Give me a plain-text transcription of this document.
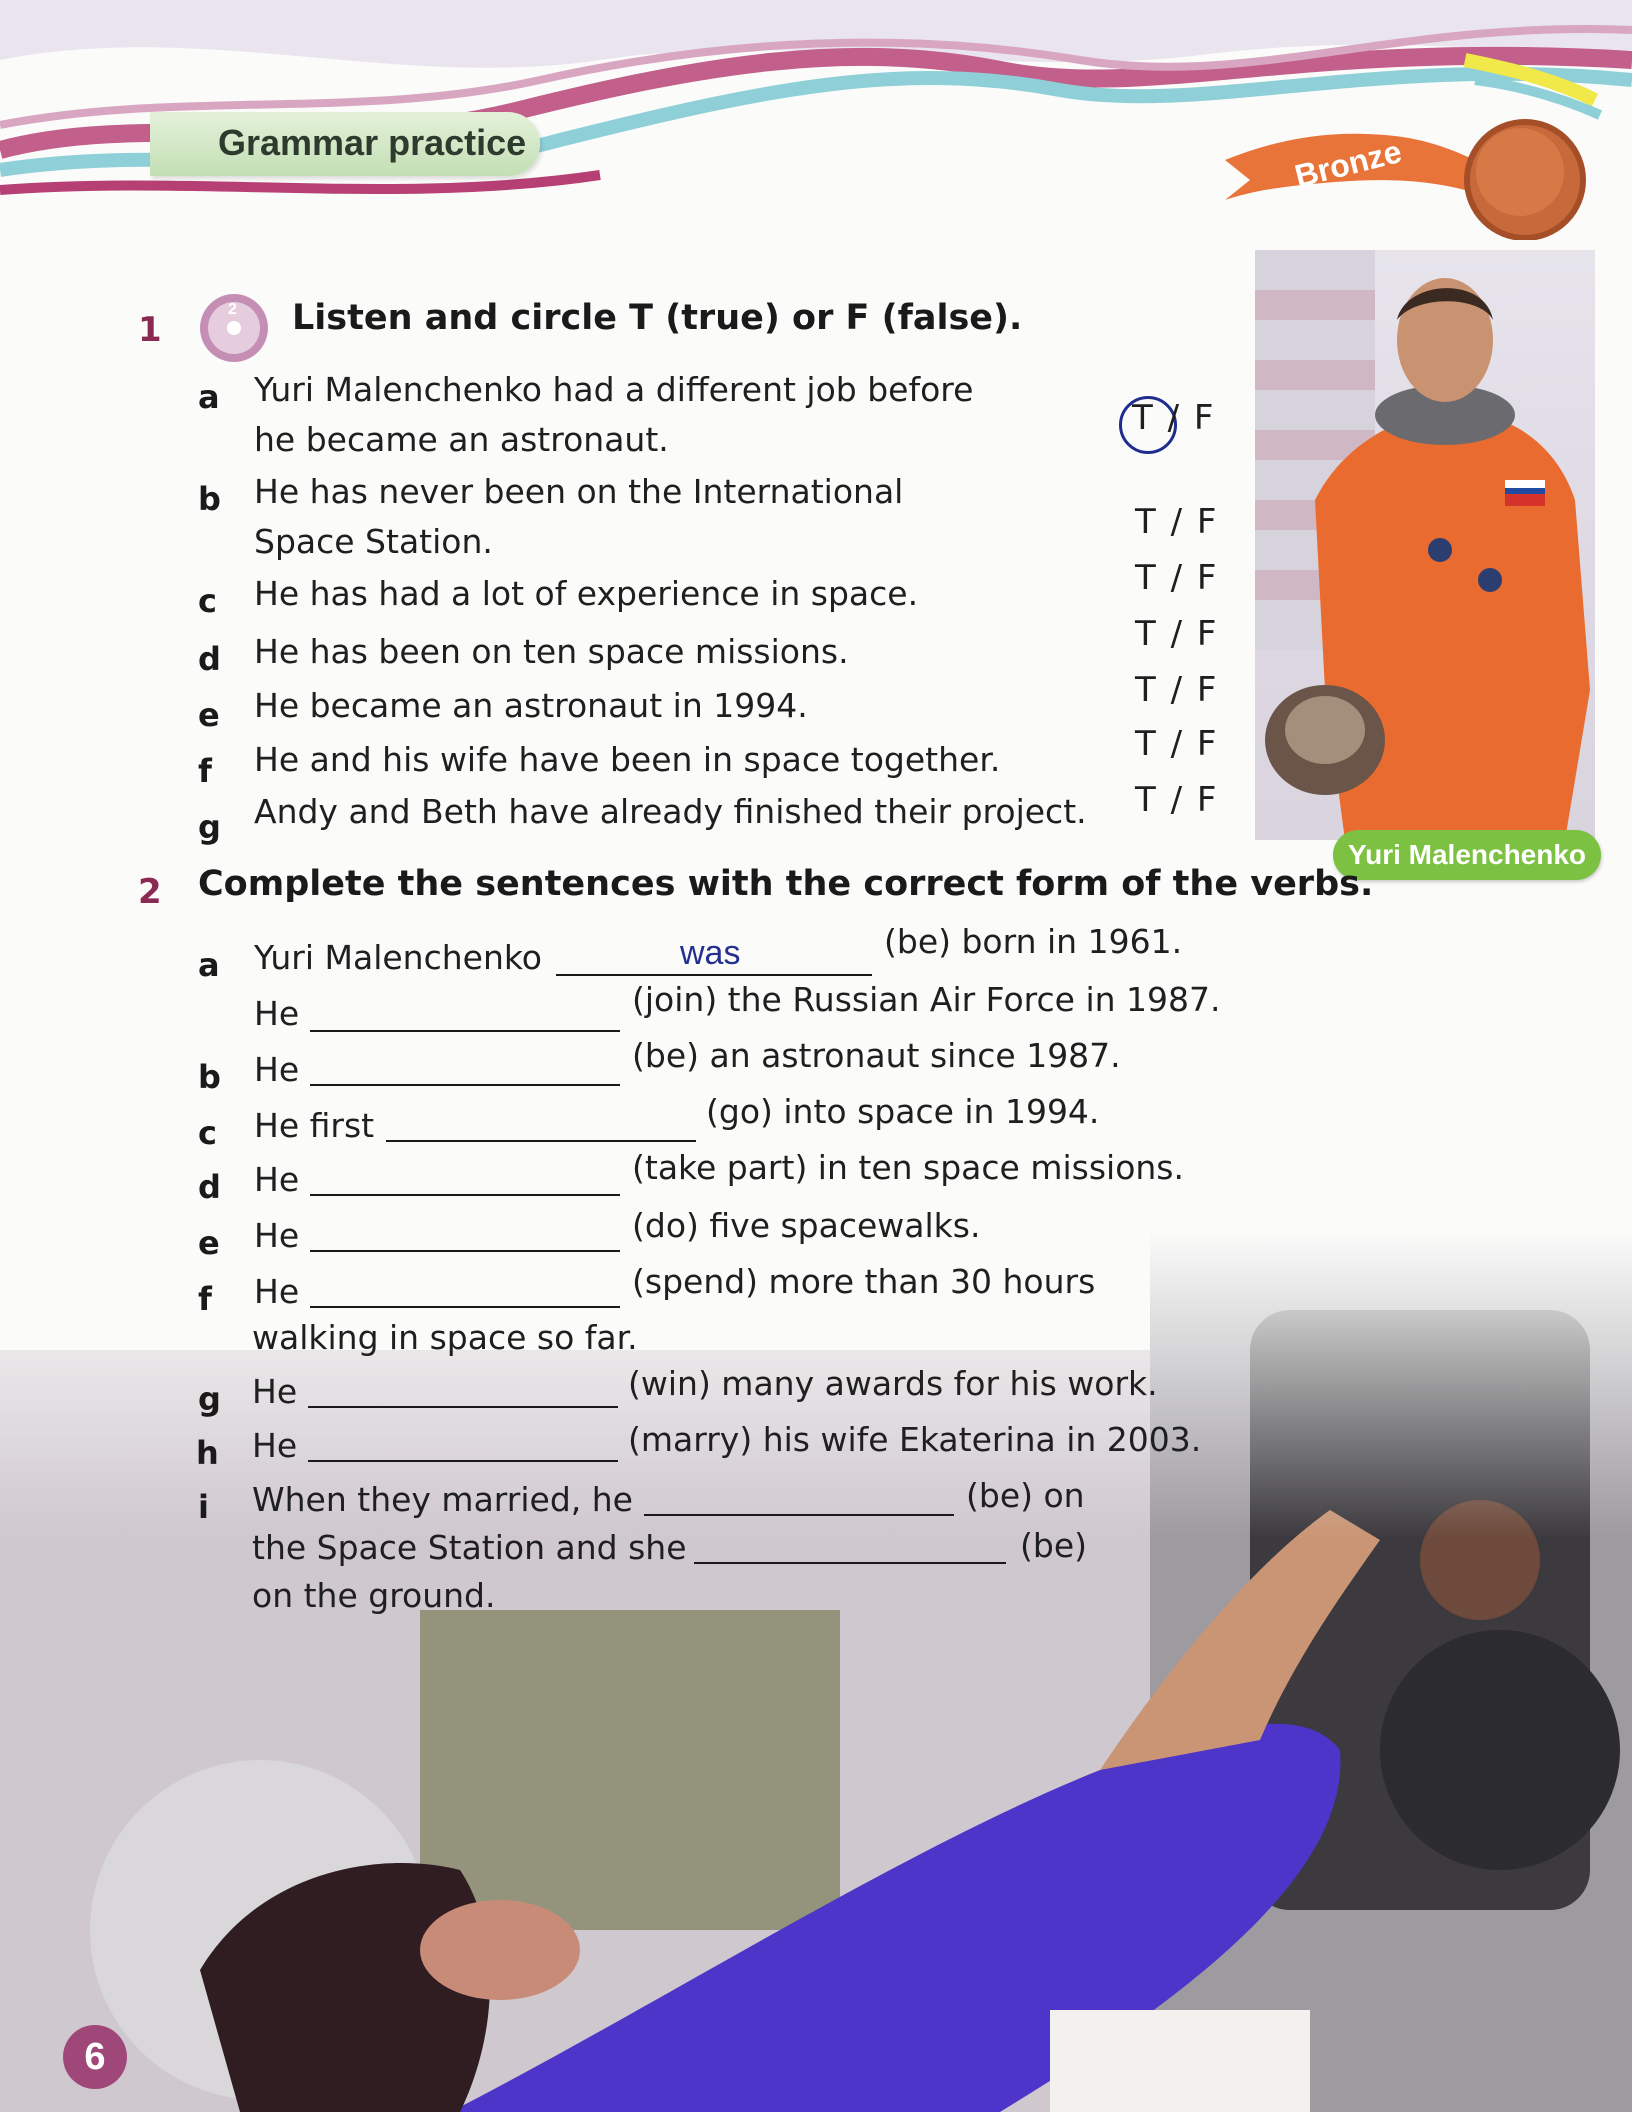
Grammar practice	Bronze
Yuri Malenchenko
1
2 Listen and circle T (true) or F (false).
a Yuri Malenchenko had a different job before
he became an astronaut.
T / F
b He has never been on the International
Space Station.	T / F
c He has had a lot of experience in space.	T / F
d He has been on ten space missions.	T / F
e He became an astronaut in 1994.	T / F
f He and his wife have been in space together.	T / F
g Andy and Beth have already finished their project. T / F
2 Complete the sentences with the correct form of the verbs.
a Yuri Malenchenko	was	(be) born in 1961.
He	(join) the Russian Air Force in 1987.
b He	(be) an astronaut since 1987.
c He first	(go) into space in 1994.
d He	(take part) in ten space missions.
e He	(do) five spacewalks.
f He	(spend) more than 30 hours
walking in space so far.
g He	(win) many awards for his work.
h He	(marry) his wife Ekaterina in 2003.
i When they married, he	(be) on
the Space Station and she	(be)
on the ground.
6
